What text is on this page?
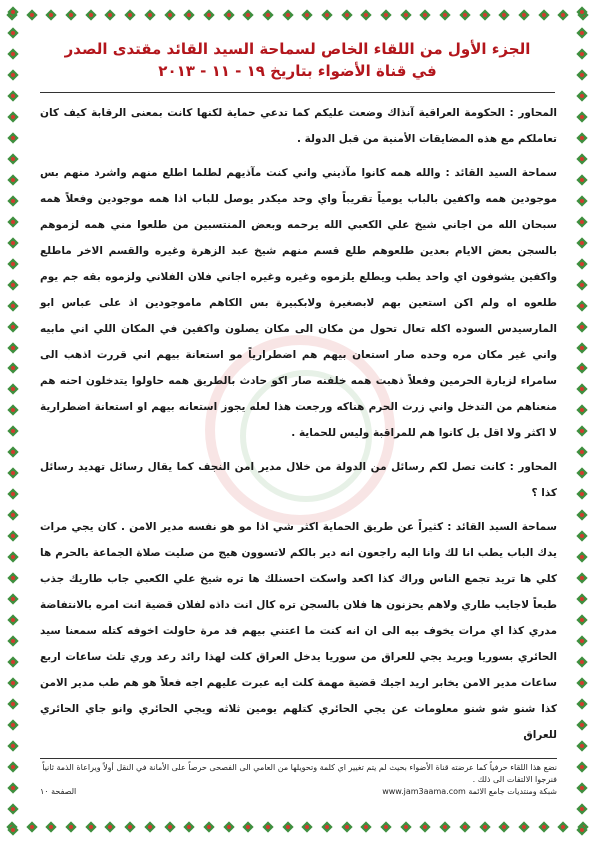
الجزء الأول من اللقاء الخاص لسماحة السيد القائد مقتدى الصدر
في قناة الأضواء بتاريخ ١٩ - ١١ - ٢٠١٣

المحاور : الحكومة العراقية آنذاك وضعت عليكم كما تدعي حماية لكنها كانت بمعنى الرقابة كيف كان تعاملكم مع هذه المضايقات الأمنية من قبل الدولة .

سماحة السيد القائد : والله همه كانوا مآذيني واني كنت مآذيهم لطلما اطلع منهم واشرد منهم بس موجودين همه واكفين بالباب يومياً تقريباً واي وحد ميكدر يوصل للباب اذا همه موجودين وفعلاً همه سبحان الله من اجاني شيخ علي الكعبي الله يرحمه وبعض المنتسبين من طلعوا مني همه لزموهم بالسجن بعض الايام بعدين طلعوهم طلع قسم منهم شيخ عبد الزهرة وغيره والقسم الاخر ماطلع واكفين يشوفون اي واحد يطب ويطلع يلزموه وغيره وغيره اجاني فلان الفلاني ولزموه بقه جم يوم طلعوه اه ولم اكن استعين بهم لابصغيرة ولابكبيرة بس الكاهم ماموجودين اذ على عباس ابو المارسيدس السوده اكله تعال تحول من مكان الى مكان يصلون واكفين في المكان اللي اني مابيه واني غير مكان مره وحده صار استعان بيهم هم اضطرارياً مو استعانة بيهم اني قررت اذهب الى سامراء لزيارة الحرمين وفعلاً ذهبت همه خلفنه صار اكو حادث بالطريق همه حاولوا يتدخلون احنه هم منعناهم من التدخل واني زرت الحرم هناكه ورجعت هذا لعله يجوز استعانه بيهم او استعانة اضطرارية لا اكثر ولا اقل بل كانوا هم للمراقبة وليس للحماية .

المحاور : كانت تصل لكم رسائل من الدولة من خلال مدير امن النجف كما يقال رسائل تهديد رسائل كذا ؟

سماحة السيد القائد : كثيراً عن طريق الحماية اكثر شي اذا مو هو نفسه مدير الامن . كان يجي مرات يدك الباب يطب انا لك وانا اليه راجعون انه دير بالكم لاتسوون هيج من صليت صلاة الجماعة بالحرم ها كلي ها تريد تجمع الناس وراك كذا اكعد واسكت احسنلك ها تره شيخ علي الكعبي جاب طاريك جذب طبعاً لاجايب طاري ولاهم يحزنون ها فلان بالسجن تره كال انت داذه لفلان قضية انت امره بالانتفاضة مدري كذا اي مرات يخوف بيه الى ان انه كنت ما اعتني بيهم فد مرة حاولت اخوفه كتله سمعنا سيد الحائري بسوريا ويريد يجي للعراق من سوريا يدخل العراق كلت لهذا رائد رعد وري تلث ساعات اربع ساعات مدير الامن يخابر اريد اجيك قضية مهمة كلت ايه عبرت عليهم اجه فعلاً هو هم طب مدير الامن كذا شنو شو شنو معلومات عن يجي الحائري كتلهم يومين ثلاثه ويجي الحائري وانو جاي الحائري للعراق

نضع هذا اللقاء حرفياً كما عرضته قناة الأضواء بحيث لم يتم تغيير اي كلمة وتحويلها من العامي الى الفصحى حرصاً على الأمانة في النقل أولاً ويراعاة الذمة ثانياً فنرجوا الالتفات الى ذلك .
شبكة ومنتديات جامع الائمة www.jam3aama.com
الصفحة ١٠
